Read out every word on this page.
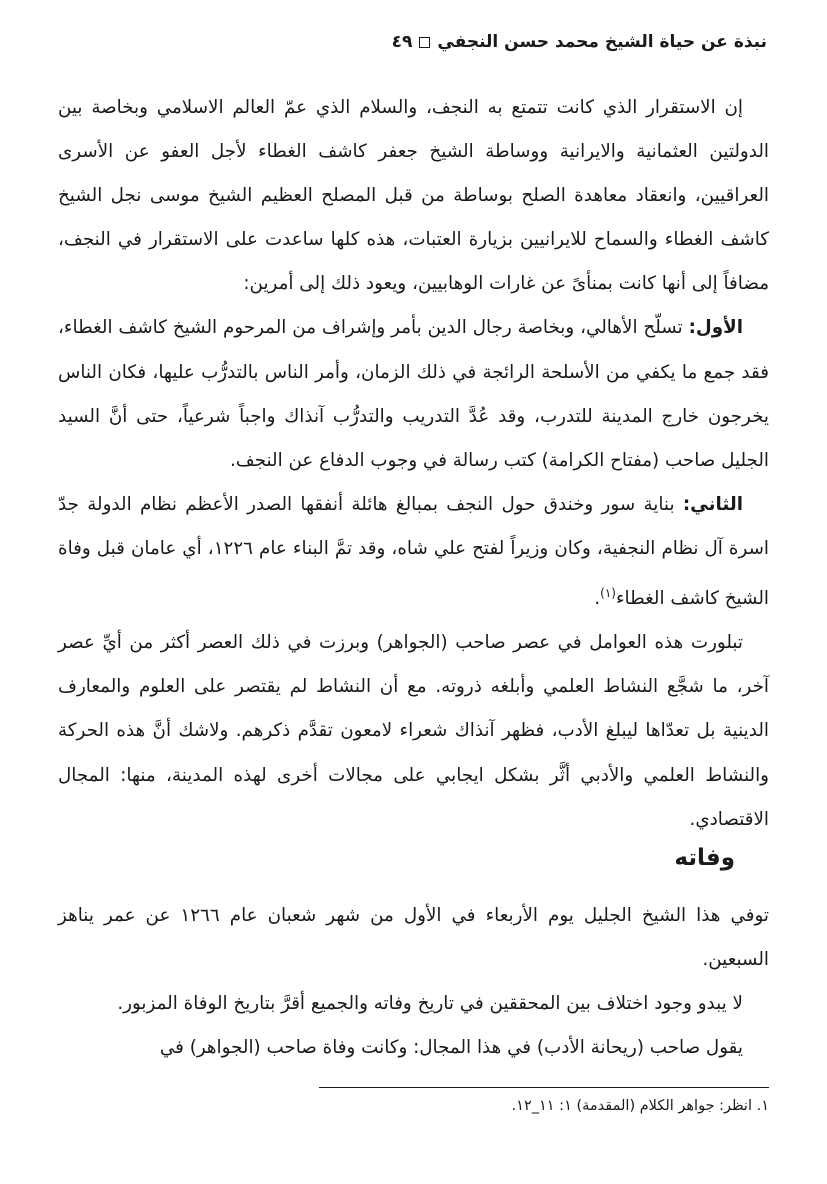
نبذة عن حياة الشيخ محمد حسن النجفي٤٩

إن الاستقرار الذي كانت تتمتع به النجف، والسلام الذي عمّ العالم الاسلامي وبخاصة بين الدولتين العثمانية والايرانية ووساطة الشيخ جعفر كاشف الغطاء لأجل العفو عن الأسرى العراقيين، وانعقاد معاهدة الصلح بوساطة من قبل المصلح العظيم الشيخ موسى نجل الشيخ كاشف الغطاء والسماح للايرانيين بزيارة العتبات، هذه كلها ساعدت على الاستقرار في النجف، مضافاً إلى أنها كانت بمنأىً عن غارات الوهابيين، ويعود ذلك إلى أمرين:

الأول: تسلّح الأهالي، وبخاصة رجال الدين بأمر وإشراف من المرحوم الشيخ كاشف الغطاء، فقد جمع ما يكفي من الأسلحة الرائجة في ذلك الزمان، وأمر الناس بالتدرُّب عليها، فكان الناس يخرجون خارج المدينة للتدرب، وقد عُدَّ التدريب والتدرُّب آنذاك واجباً شرعياً، حتى أنَّ السيد الجليل صاحب (مفتاح الكرامة) كتب رسالة في وجوب الدفاع عن النجف.

الثاني: بناية سور وخندق حول النجف بمبالغ هائلة أنفقها الصدر الأعظم نظام الدولة جدّ اسرة آل نظام النجفية، وكان وزيراً لفتح علي شاه، وقد تمَّ البناء عام ١٢٢٦، أي عامان قبل وفاة الشيخ كاشف الغطاء$^{(١)}$.

تبلورت هذه العوامل في عصر صاحب (الجواهر) وبرزت في ذلك العصر أكثر من أيِّ عصر آخر، ما شجَّع النشاط العلمي وأبلغه ذروته. مع أن النشاط لم يقتصر على العلوم والمعارف الدينية بل تعدّاها ليبلغ الأدب، فظهر آنذاك شعراء لامعون تقدَّم ذكرهم. ولاشك أنَّ هذه الحركة والنشاط العلمي والأدبي أثَّر بشكل ايجابي على مجالات أخرى لهذه المدينة، منها: المجال الاقتصادي.

وفاته

توفي هذا الشيخ الجليل يوم الأربعاء في الأول من شهر شعبان عام ١٢٦٦ عن عمر يناهز السبعين.

لا يبدو وجود اختلاف بين المحققين في تاريخ وفاته والجميع أقرَّ بتاريخ الوفاة المزبور.

يقول صاحب (ريحانة الأدب) في هذا المجال: وكانت وفاة صاحب (الجواهر) في

١. انظر: جواهر الكلام (المقدمة) ١: ١١_١٢.
